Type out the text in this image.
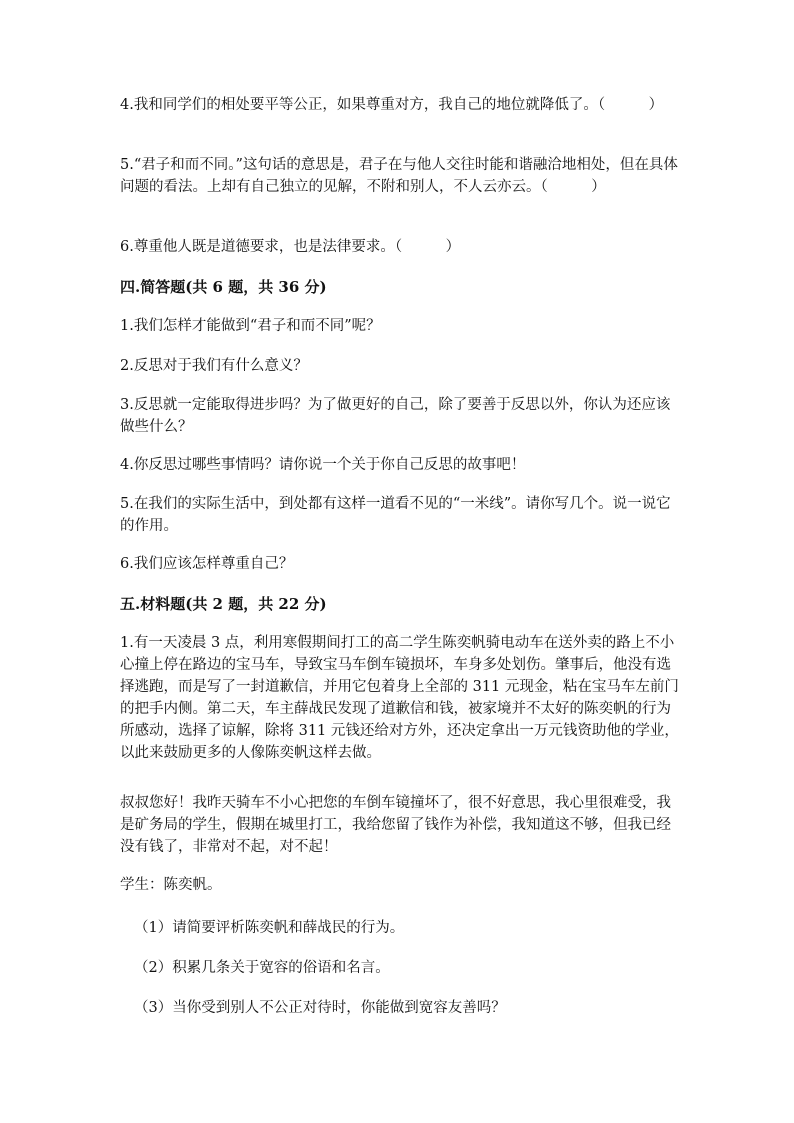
4.我和同学们的相处要平等公正，如果尊重对方，我自己的地位就降低了。（　　　）

5.“君子和而不同。”这句话的意思是，君子在与他人交往时能和谐融洽地相处，但在具体问题的看法。上却有自己独立的见解，不附和别人，不人云亦云。（　　　）

6.尊重他人既是道德要求，也是法律要求。（　　　）

四.简答题(共 6 题，共 36 分)

1.我们怎样才能做到“君子和而不同”呢？

2.反思对于我们有什么意义？

3.反思就一定能取得进步吗？为了做更好的自己，除了要善于反思以外，你认为还应该做些什么？

4.你反思过哪些事情吗？请你说一个关于你自己反思的故事吧！

5.在我们的实际生活中，到处都有这样一道看不见的“一米线”。请你写几个。说一说它的作用。

6.我们应该怎样尊重自己？

五.材料题(共 2 题，共 22 分)

1.有一天凌晨 3 点，利用寒假期间打工的高二学生陈奕帆骑电动车在送外卖的路上不小心撞上停在路边的宝马车，导致宝马车倒车镜损坏，车身多处划伤。肇事后，他没有选择逃跑，而是写了一封道歉信，并用它包着身上全部的 311 元现金，粘在宝马车左前门的把手内侧。第二天，车主薛战民发现了道歉信和钱，被家境并不太好的陈奕帆的行为所感动，选择了谅解，除将 311 元钱还给对方外，还决定拿出一万元钱资助他的学业，以此来鼓励更多的人像陈奕帆这样去做。

叔叔您好！我昨天骑车不小心把您的车倒车镜撞坏了，很不好意思，我心里很难受，我是矿务局的学生，假期在城里打工，我给您留了钱作为补偿，我知道这不够，但我已经没有钱了，非常对不起，对不起！

学生：陈奕帆。

（1）请简要评析陈奕帆和薛战民的行为。

（2）积累几条关于宽容的俗语和名言。

（3）当你受到别人不公正对待时，你能做到宽容友善吗？
